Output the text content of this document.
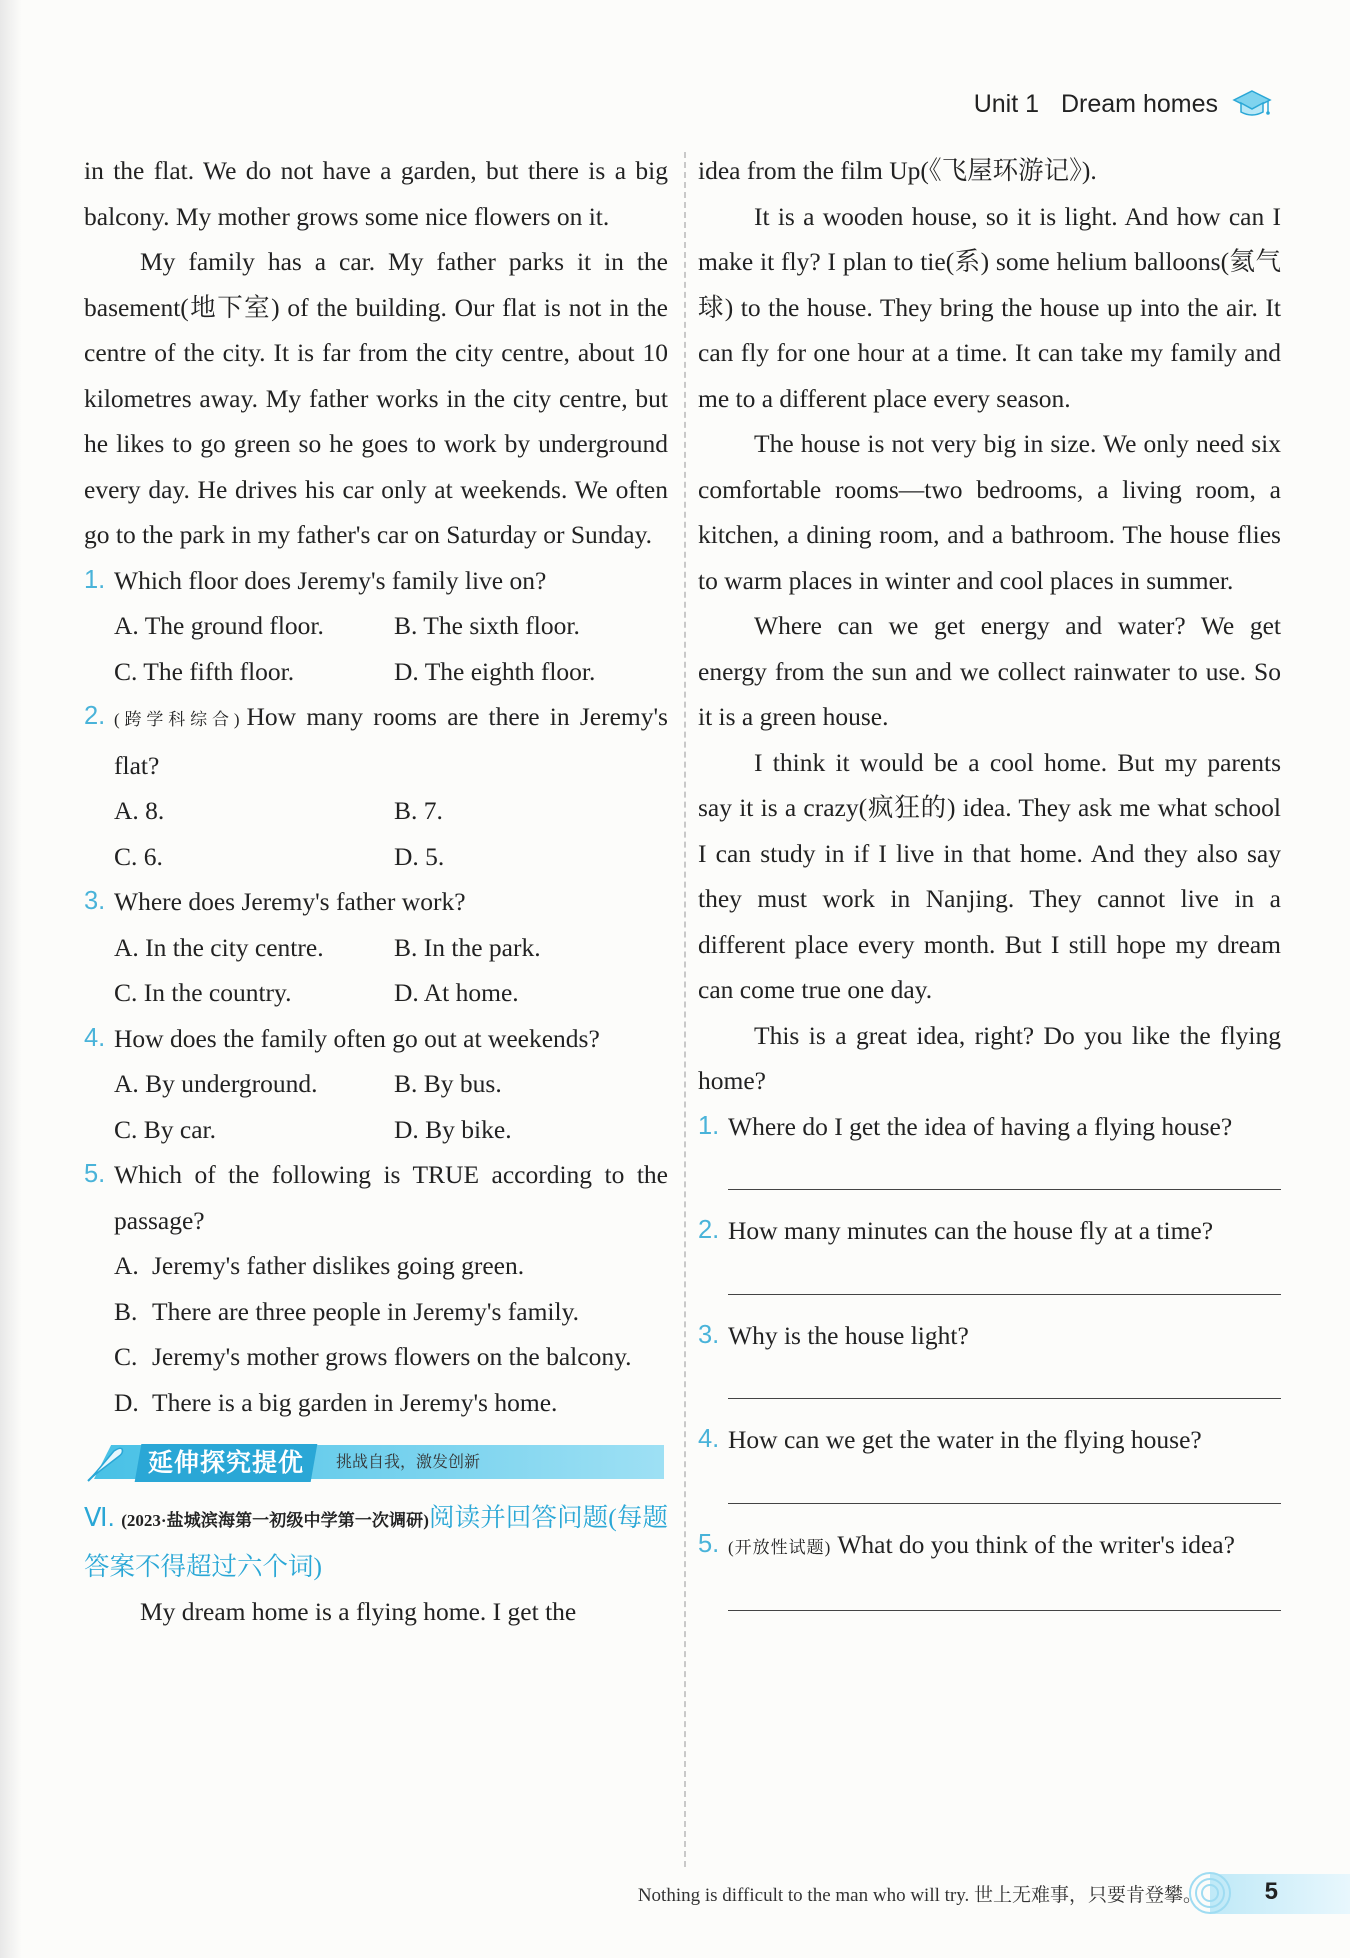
Unit 1 Dream homes

in the flat. We do not have a garden, but there is a big balcony. My mother grows some nice flowers on it.

My family has a car. My father parks it in the basement(地下室) of the building. Our flat is not in the centre of the city. It is far from the city centre, about 10 kilometres away. My father works in the city centre, but he likes to go green so he goes to work by underground every day. He drives his car only at weekends. We often go to the park in my father's car on Saturday or Sunday.

1. Which floor does Jeremy's family live on?
A. The ground floor.	B. The sixth floor.
C. The fifth floor.	D. The eighth floor.
2. (跨学科综合) How many rooms are there in Jeremy's flat?
A. 8.	B. 7.
C. 6.	D. 5.
3. Where does Jeremy's father work?
A. In the city centre.	B. In the park.
C. In the country.	D. At home.
4. How does the family often go out at weekends?
A. By underground.	B. By bus.
C. By car.	D. By bike.
5. Which of the following is TRUE according to the passage?
A. Jeremy's father dislikes going green.
B. There are three people in Jeremy's family.
C. Jeremy's mother grows flowers on the balcony.
D. There is a big garden in Jeremy's home.
延伸探究提优	挑战自我，激发创新

Ⅵ. (2023·盐城滨海第一初级中学第一次调研)阅读并回答问题(每题答案不得超过六个词)

My dream home is a flying home. I get the

idea from the film Up(《飞屋环游记》).

It is a wooden house, so it is light. And how can I make it fly? I plan to tie(系) some helium balloons(氦气球) to the house. They bring the house up into the air. It can fly for one hour at a time. It can take my family and me to a different place every season.

The house is not very big in size. We only need six comfortable rooms—two bedrooms, a living room, a kitchen, a dining room, and a bathroom. The house flies to warm places in winter and cool places in summer.

Where can we get energy and water? We get energy from the sun and we collect rainwater to use. So it is a green house.

I think it would be a cool home. But my parents say it is a crazy(疯狂的) idea. They ask me what school I can study in if I live in that home. And they also say they must work in Nanjing. They cannot live in a different place every month. But I still hope my dream can come true one day.

This is a great idea, right? Do you like the flying home?

1. Where do I get the idea of having a flying house?
2. How many minutes can the house fly at a time?
3. Why is the house light?
4. How can we get the water in the flying house?
5. (开放性试题) What do you think of the writer's idea?
Nothing is difficult to the man who will try. 世上无难事，只要肯登攀。	5
